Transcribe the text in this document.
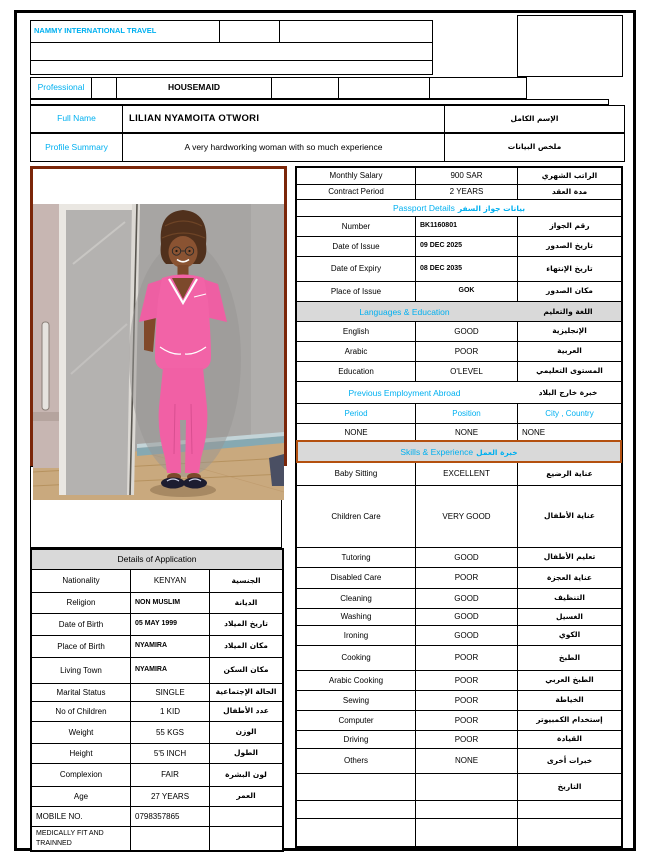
NAMMY INTERNATIONAL TRAVEL
Professional	HOUSEMAID
Full Name	LILIAN NYAMOITA OTWORI	الإسم الكامل
Profile Summary	A very hardworking woman with so much experience	ملخص البيانات
Monthly Salary	900 SAR	الراتب الشهري
Contract Period	2 YEARS	مدة العقد
Passport Details بيانات جواز السفر
Number	BK1160801	رقم الجواز
Date of Issue	09 DEC 2025	تاريخ الصدور
Date of Expiry	08 DEC 2035	تاريخ الإنتهاء
Place of Issue	GOK	مكان الصدور
Languages & Education	اللغة والتعليم
English	GOOD	الإنجليزية
Arabic	POOR	العربية
Education	O'LEVEL	المستوى التعليمي
Previous Employment Abroad	خبرة خارج البلاد
Period	Position	City , Country
NONE	NONE	NONE
Skills & Experience خبرة العمل
Baby Sitting	EXCELLENT	عناية الرضيع
Children Care	VERY GOOD	عناية الأطفال
Tutoring	GOOD	تعليم الأطفال
Disabled Care	POOR	عناية العجزة
Cleaning	GOOD	التنظيف
Washing	GOOD	الغسيل
Ironing	GOOD	الكوي
Cooking	POOR	الطبخ
Arabic Cooking	POOR	الطبخ العربي
Sewing	POOR	الخياطة
Computer	POOR	إستخدام الكمبيوتر
Driving	POOR	القيادة
Others	NONE	خبرات أخرى
التاريخ
Details of Application
Nationality	KENYAN	الجنسية
Religion	NON MUSLIM	الديانة
Date of Birth	05 MAY 1999	تاريخ الميلاد
Place of Birth	NYAMIRA	مكان الميلاد
Living Town	NYAMIRA	مكان السكن
Marital Status	SINGLE	الحالة الإجتماعية
No of Children	1 KID	عدد الأطفال
Weight	55 KGS	الوزن
Height	5'5 INCH	الطول
Complexion	FAIR	لون البشرة
Age	27 YEARS	العمر
MOBILE NO.	0798357865
MEDICALLY FIT AND TRAINNED
